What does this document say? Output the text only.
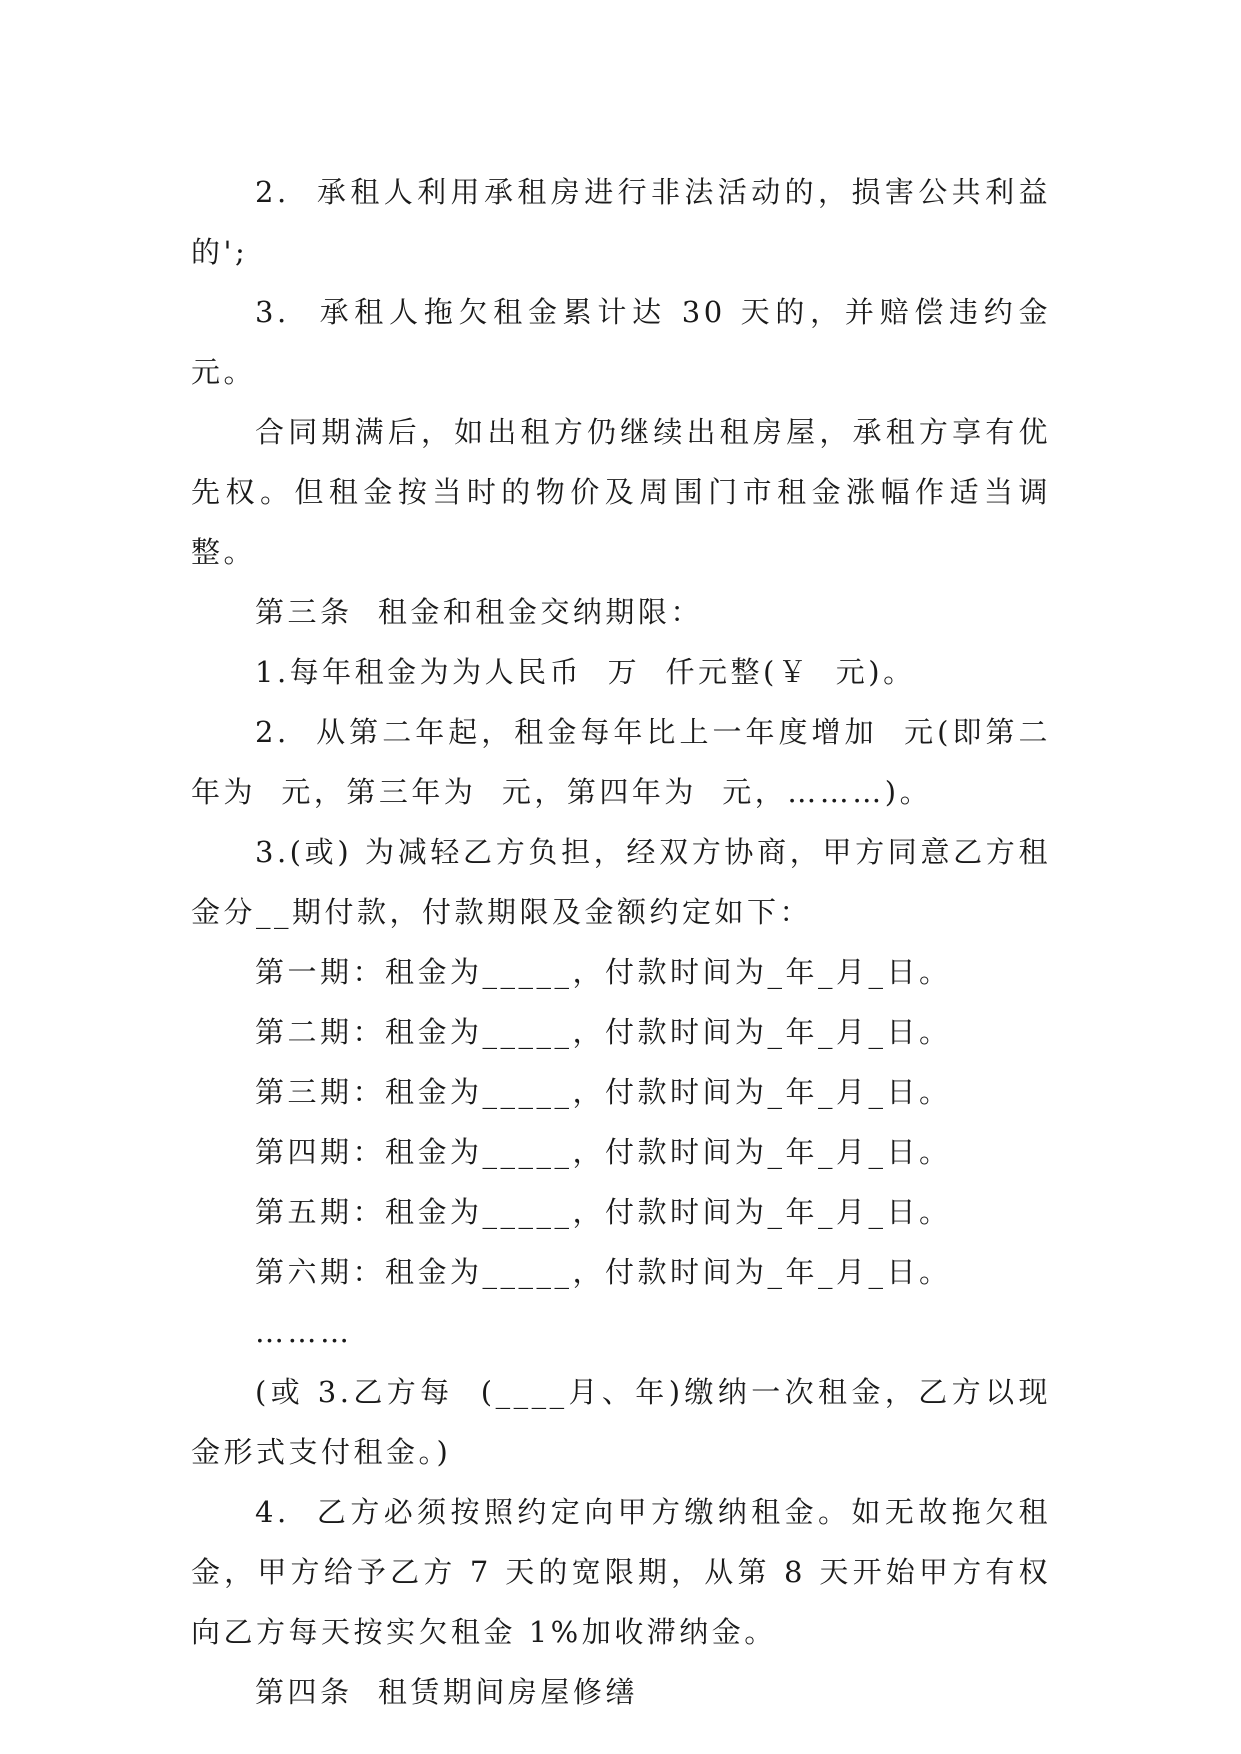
2.  承租人利用承租房进行非法活动的，损害公共利益的';

3.  承租人拖欠租金累计达 30 天的，并赔偿违约金  元。

合同期满后，如出租方仍继续出租房屋，承租方享有优先权。但租金按当时的物价及周围门市租金涨幅作适当调整。

第三条  租金和租金交纳期限：

1.每年租金为为人民币  万  仟元整(￥  元)。

2.  从第二年起，租金每年比上一年度增加  元(即第二年为  元，第三年为  元，第四年为  元，………)。

3.(或) 为减轻乙方负担，经双方协商，甲方同意乙方租金分__期付款，付款期限及金额约定如下：

第一期：租金为_____，付款时间为_年_月_日。

第二期：租金为_____，付款时间为_年_月_日。

第三期：租金为_____，付款时间为_年_月_日。

第四期：租金为_____，付款时间为_年_月_日。

第五期：租金为_____，付款时间为_年_月_日。

第六期：租金为_____，付款时间为_年_月_日。

………

(或 3.乙方每  (____月、年)缴纳一次租金，乙方以现金形式支付租金。)

4.  乙方必须按照约定向甲方缴纳租金。如无故拖欠租金，甲方给予乙方 7 天的宽限期，从第 8 天开始甲方有权向乙方每天按实欠租金 1%加收滞纳金。

第四条  租赁期间房屋修缮
